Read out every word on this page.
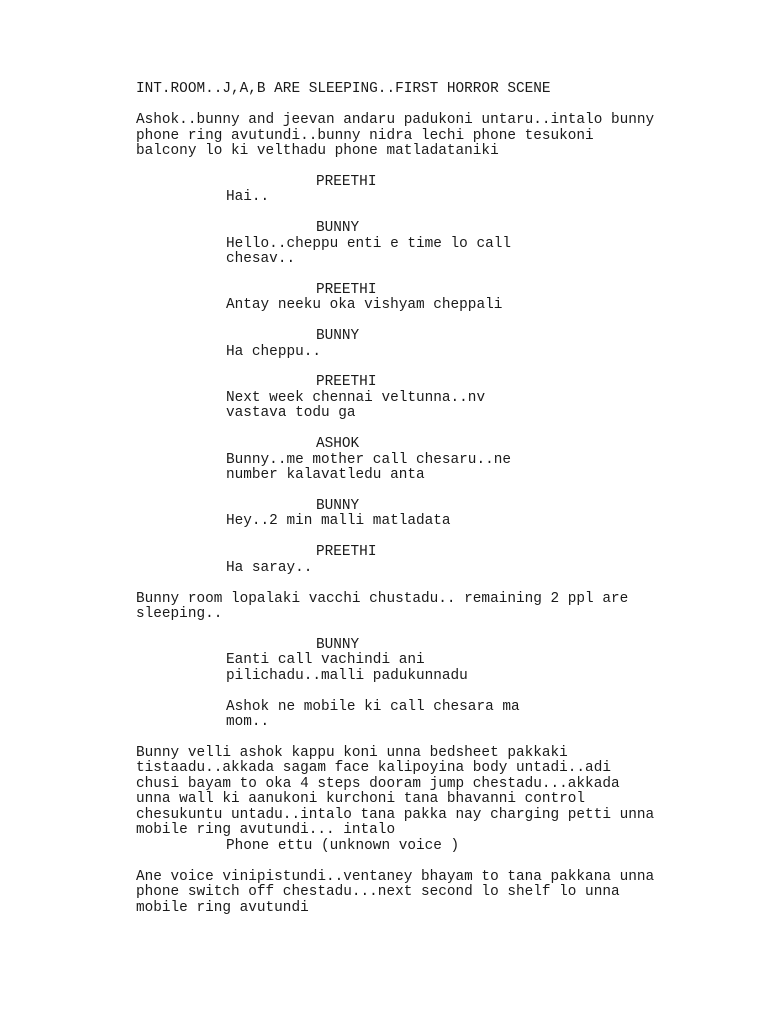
INT.ROOM..J,A,B ARE SLEEPING..FIRST HORROR SCENE

Ashok..bunny and jeevan andaru padukoni untaru..intalo bunny

phone ring avutundi..bunny nidra lechi phone tesukoni

balcony lo ki velthadu phone matladataniki

PREETHI

Hai..

BUNNY

Hello..cheppu enti e time lo call

chesav..

PREETHI

Antay neeku oka vishyam cheppali

BUNNY

Ha cheppu..

PREETHI

Next week chennai veltunna..nv

vastava todu ga

ASHOK

Bunny..me mother call chesaru..ne

number kalavatledu anta

BUNNY

Hey..2 min malli matladata

PREETHI

Ha saray..

Bunny room lopalaki vacchi chustadu.. remaining 2 ppl are

sleeping..

BUNNY

Eanti call vachindi ani

pilichadu..malli padukunnadu

Ashok ne mobile ki call chesara ma

mom..

Bunny velli ashok kappu koni unna bedsheet pakkaki

tistaadu..akkada sagam face kalipoyina body untadi..adi

chusi bayam to oka 4 steps dooram jump chestadu...akkada

unna wall ki aanukoni kurchoni tana bhavanni control

chesukuntu untadu..intalo tana pakka nay charging petti unna

mobile ring avutundi... intalo

Phone ettu (unknown voice )

Ane voice vinipistundi..ventaney bhayam to tana pakkana unna

phone switch off chestadu...next second lo shelf lo unna

mobile ring avutundi
